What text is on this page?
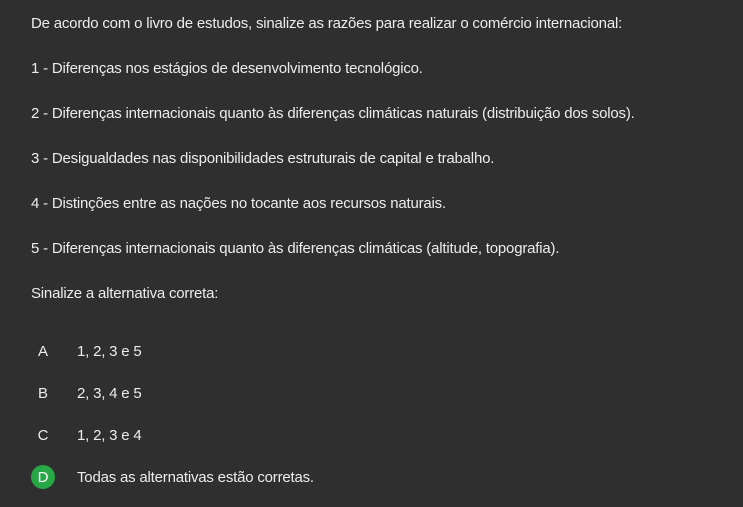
De acordo com o livro de estudos, sinalize as razões para realizar o comércio internacional:
1 - Diferenças nos estágios de desenvolvimento tecnológico.
2 - Diferenças internacionais quanto às diferenças climáticas naturais (distribuição dos solos).
3 - Desigualdades nas disponibilidades estruturais de capital e trabalho.
4 - Distinções entre as nações no tocante aos recursos naturais.
5 - Diferenças internacionais quanto às diferenças climáticas (altitude, topografia).
Sinalize a alternativa correta:
A	1, 2, 3 e 5
B	2, 3, 4 e 5
C	1, 2, 3 e 4
D	Todas as alternativas estão corretas.
